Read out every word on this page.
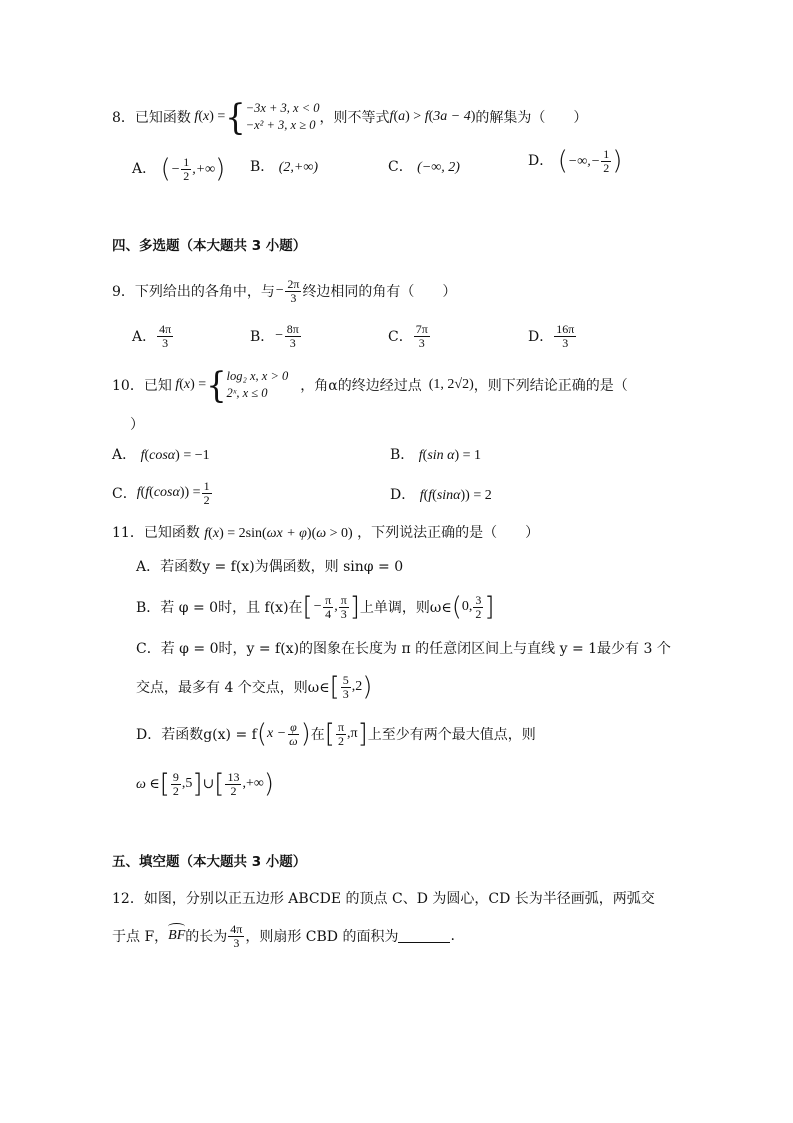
8．已知函数 f(x) = { −3x + 3, x < 0
−x² + 3, x ≥ 0 ，则不等式 f(a) > f(3a − 4) 的解集为（　　）
A． (− $\frac{1}{2}$ ,+∞) B． (2,+∞)	C． (−∞, 2)	D． (−∞,− $\frac{1}{2}$ )
四、多选题（本大题共 3 小题）
9．下列给出的各角中，与 − $\frac{2\pi}{3}$ 终边相同的角有（　　）
A． $\frac{4\pi}{3}$	B． − $\frac{8\pi}{3}$	C． $\frac{7\pi}{3}$	D． $\frac{16\pi}{3}$
10．已知 f(x) = { log₂ x, x > 0
2ˣ, x ≤ 0	，角α的终边经过点 (1, 2√2) ，则下列结论正确的是（
）
A． f(cosα) = −1	B． f(sin α) = 1
C． $f(f(\cos\alpha)) = \frac{1}{2}$	D． f(f(sinα)) = 2
11．已知函数 f(x) = 2sin(ωx + φ)(ω > 0) ，下列说法正确的是（　　）
A．若函数y = f(x)为偶函数，则 sinφ = 0
B．若 φ = 0时，且 f(x)在 [ − $\frac{\pi}{4}$ , $\frac{\pi}{3}$ ] 上单调，则ω∈ ( 0, $\frac{3}{2}$ ]
C．若 φ = 0时，y = f(x)的图象在长度为 π 的任意闭区间上与直线 y = 1最少有 3 个
交点，最多有 4 个交点，则ω∈ [ $\frac{5}{3} ,2$ )
D．若函数g(x) = f ( $x - \frac{\varphi}{\omega}$ ) 在 [ $\frac{\pi}{2} ,\pi$ ] 上至少有两个最大值点，则
ω ∈ [ $\frac{9}{2} ,5$ ] ∪ [ $\frac{13}{2}$ ,+∞ )
五、填空题（本大题共 3 小题）
12．如图，分别以正五边形 ABCDE 的顶点 C、D 为圆心，CD 长为半径画弧，两弧交
于点 F， BF 的长为 $\frac{4\pi}{3}$ ，则扇形 CBD 的面积为	.
